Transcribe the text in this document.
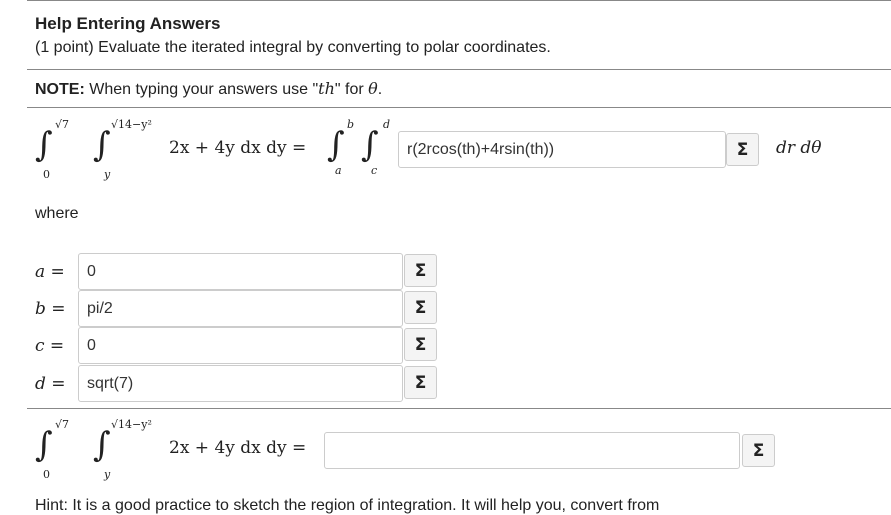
Help Entering Answers
(1 point) Evaluate the iterated integral by converting to polar coordinates.
NOTE: When typing your answers use "th" for θ.
∫
√7
0
∫
√14−y²
y
2x + 4y dx dy = ∫
b
a
∫
d
c
r(2rcos(th)+4rsin(th))	Σ	dr dθ
where
a =	0	Σ
b =	pi/2	Σ
c =	0	Σ
d =	sqrt(7)	Σ
∫
√7
0
∫
√14−y²
y
2x + 4y dx dy =	Σ
Hint: It is a good practice to sketch the region of integration. It will help you, convert from
